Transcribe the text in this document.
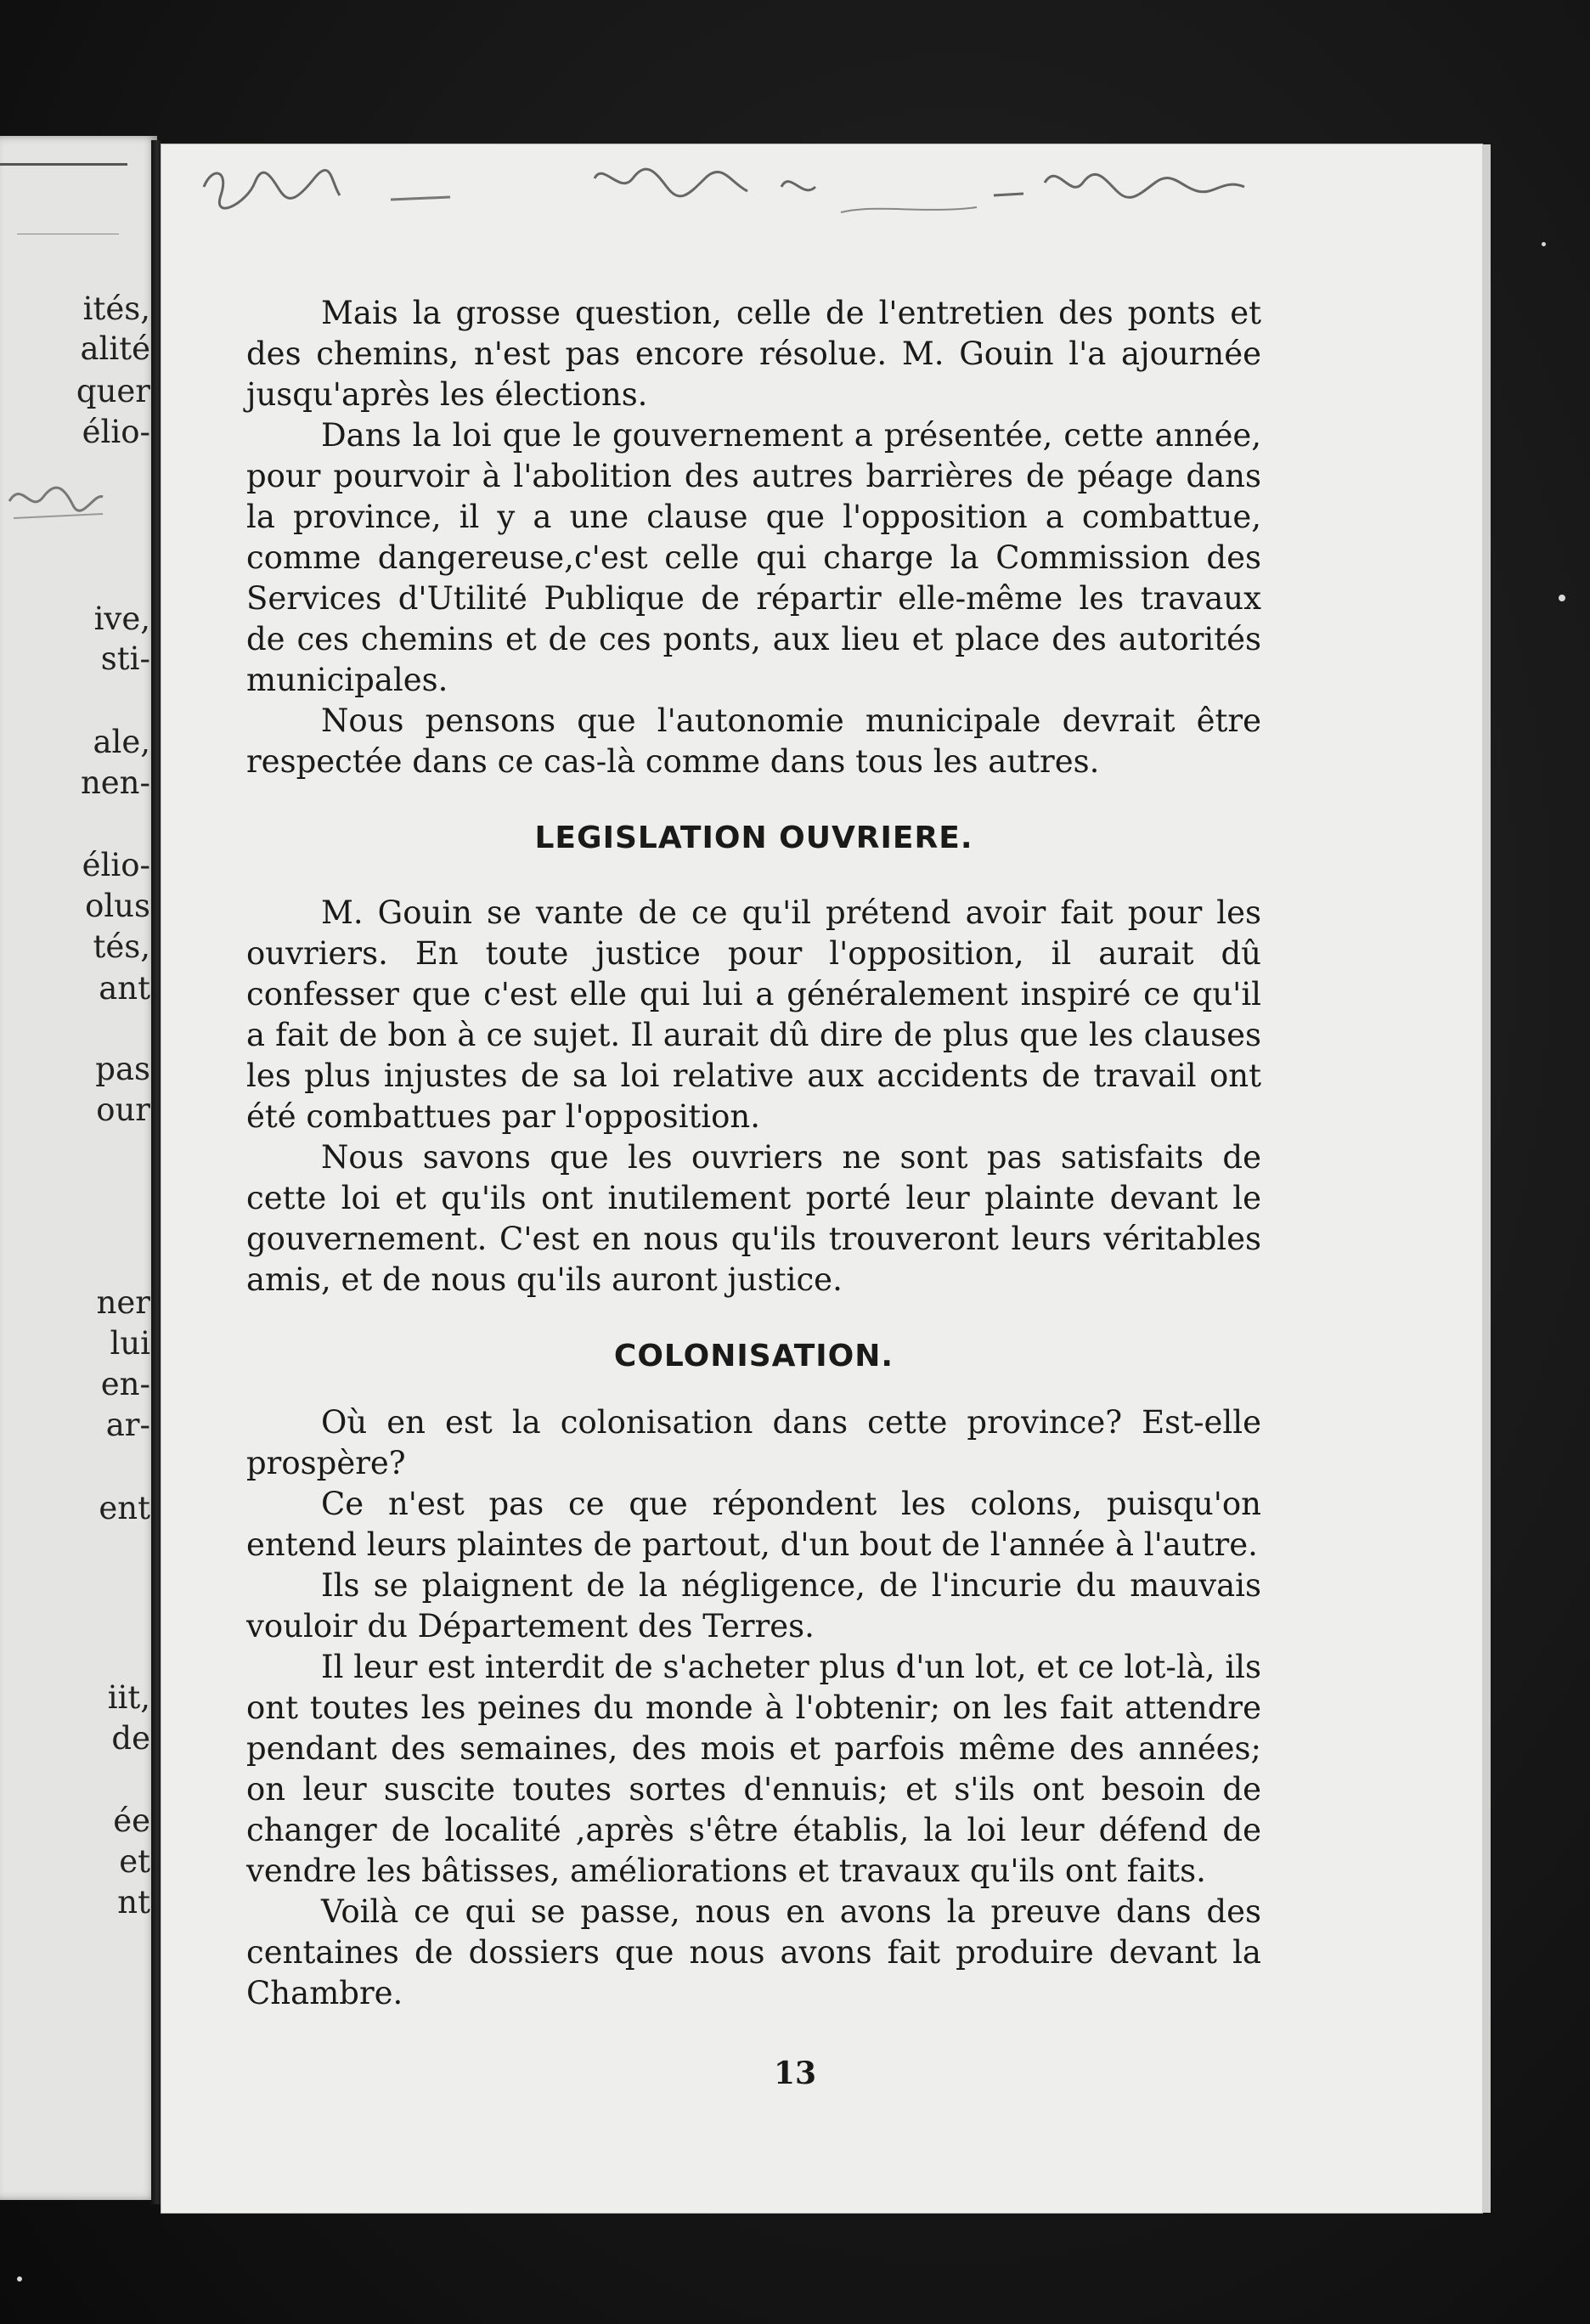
ités,
alité
quer
élio-
ive,
sti-
ale,
nen-
élio-
olus
tés,
ant
pas
our
ner
lui
en-
ar-
ent
iit,
de
ée
et
nt

Mais la grosse question, celle de l'entretien des ponts et des chemins, n'est pas encore résolue. M. Gouin l'a ajournée jusqu'après les élections.

Dans la loi que le gouvernement a présentée, cette année, pour pourvoir à l'abolition des autres barrières de péage dans la province, il y a une clause que l'opposition a combattue, comme dangereuse,c'est celle qui charge la Commission des Services d'Utilité Publique de répartir elle-même les travaux de ces chemins et de ces ponts, aux lieu et place des autorités municipales.

Nous pensons que l'autonomie municipale devrait être respectée dans ce cas-là comme dans tous les autres.

LEGISLATION OUVRIERE.

M. Gouin se vante de ce qu'il prétend avoir fait pour les ouvriers. En toute justice pour l'opposition, il aurait dû confesser que c'est elle qui lui a généralement inspiré ce qu'il a fait de bon à ce sujet. Il aurait dû dire de plus que les clauses les plus injustes de sa loi relative aux accidents de travail ont été combattues par l'opposition.

Nous savons que les ouvriers ne sont pas satisfaits de cette loi et qu'ils ont inutilement porté leur plainte devant le gouvernement. C'est en nous qu'ils trouveront leurs véritables amis, et de nous qu'ils auront justice.

COLONISATION.

Où en est la colonisation dans cette province? Est-elle prospère?

Ce n'est pas ce que répondent les colons, puisqu'on entend leurs plaintes de partout, d'un bout de l'année à l'autre.

Ils se plaignent de la négligence, de l'incurie du mauvais vouloir du Département des Terres.

Il leur est interdit de s'acheter plus d'un lot, et ce lot-là, ils ont toutes les peines du monde à l'obtenir; on les fait attendre pendant des semaines, des mois et parfois même des années; on leur suscite toutes sortes d'ennuis; et s'ils ont besoin de changer de localité ,après s'être établis, la loi leur défend de vendre les bâtisses, améliorations et travaux qu'ils ont faits.

Voilà ce qui se passe, nous en avons la preuve dans des centaines de dossiers que nous avons fait produire devant la Chambre.

13
